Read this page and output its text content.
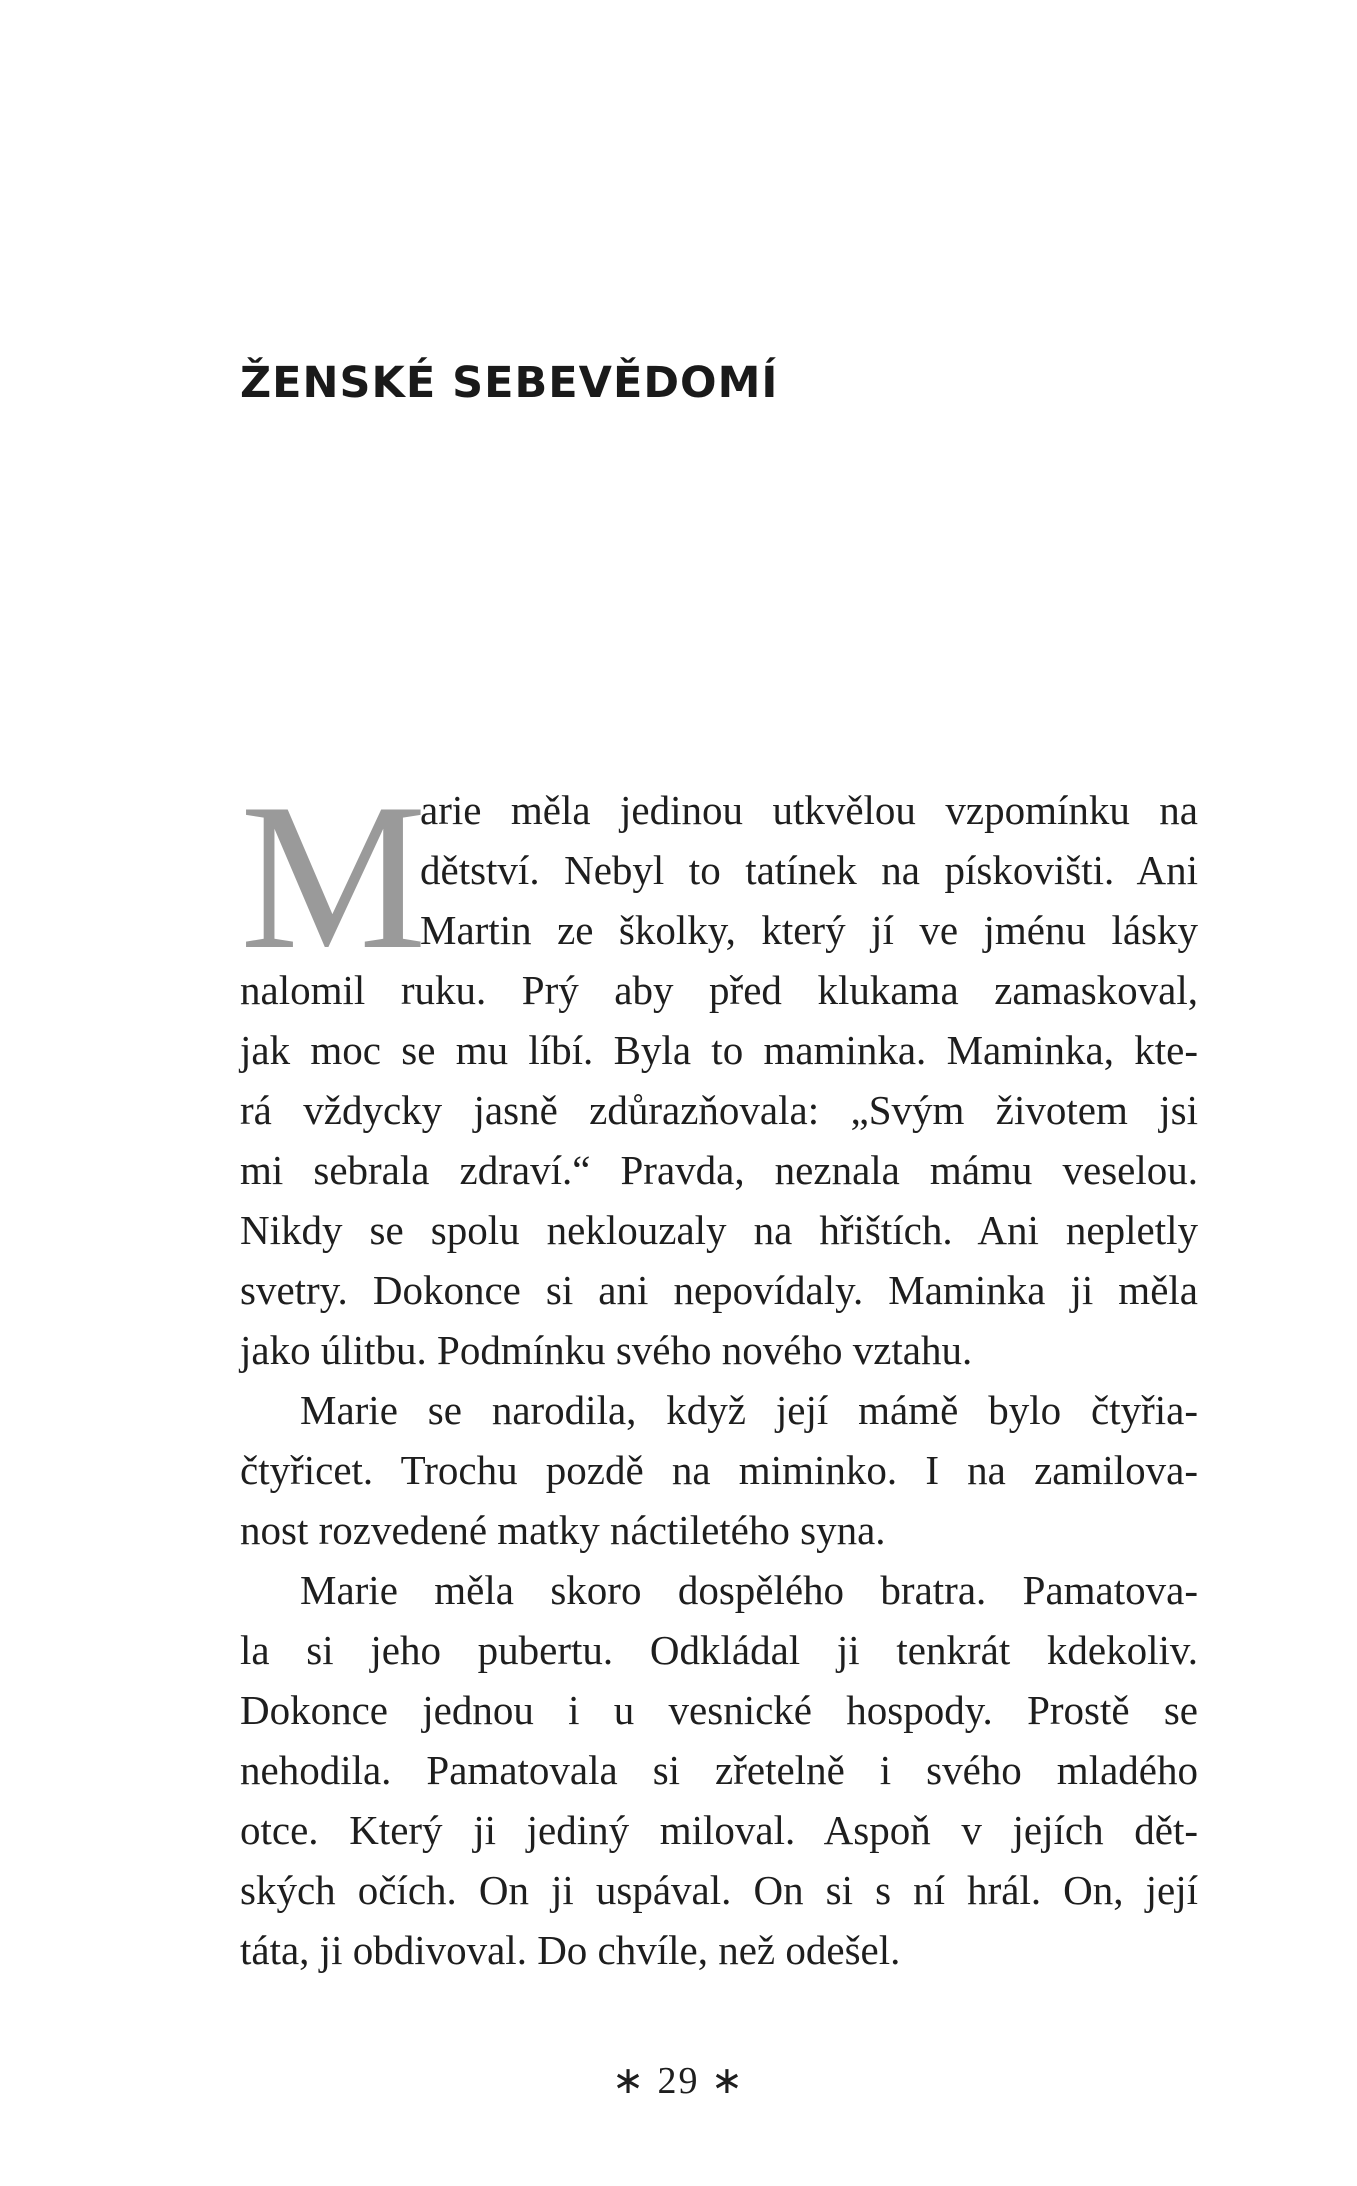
ŽENSKÉ SEBEVĚDOMÍ
M
arie měla jedinou utkvělou vzpomínku na
dětství. Nebyl to tatínek na pískovišti. Ani
Martin ze školky, který jí ve jménu lásky
nalomil ruku. Prý aby před klukama zamaskoval,
jak moc se mu líbí. Byla to maminka. Maminka, kte-
rá vždycky jasně zdůrazňovala: „Svým životem jsi
mi sebrala zdraví.“ Pravda, neznala mámu veselou.
Nikdy se spolu neklouzaly na hřištích. Ani nepletly
svetry. Dokonce si ani nepovídaly. Maminka ji měla
jako úlitbu. Podmínku svého nového vztahu.
Marie se narodila, když její mámě bylo čtyřia-
čtyřicet. Trochu pozdě na miminko. I na zamilova-
nost rozvedené matky náctiletého syna.
Marie měla skoro dospělého bratra. Pamatova-
la si jeho pubertu. Odkládal ji tenkrát kdekoliv.
Dokonce jednou i u vesnické hospody. Prostě se
nehodila. Pamatovala si zřetelně i svého mladého
otce. Který ji jediný miloval. Aspoň v jejích dět-
ských očích. On ji uspával. On si s ní hrál. On, její
táta, ji obdivoval. Do chvíle, než odešel.
∗ 29 ∗
